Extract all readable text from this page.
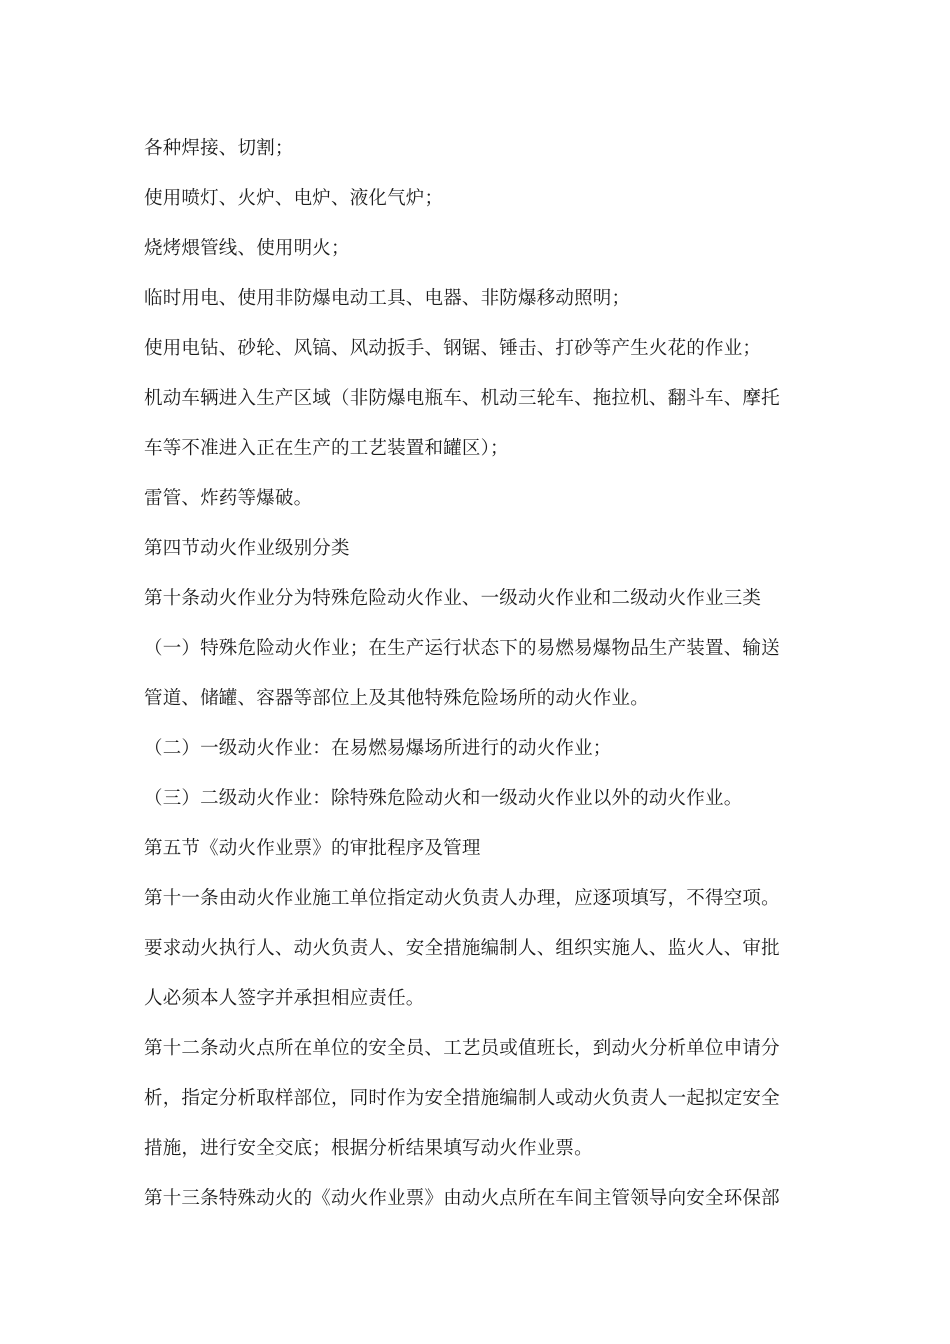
各种焊接、切割；
使用喷灯、火炉、电炉、液化气炉；
烧烤煨管线、使用明火；
临时用电、使用非防爆电动工具、电器、非防爆移动照明；
使用电钻、砂轮、风镐、风动扳手、钢锯、锤击、打砂等产生火花的作业；
机动车辆进入生产区域（非防爆电瓶车、机动三轮车、拖拉机、翻斗车、摩托
车等不准进入正在生产的工艺装置和罐区）；
雷管、炸药等爆破。
第四节动火作业级别分类
第十条动火作业分为特殊危险动火作业、一级动火作业和二级动火作业三类
（一）特殊危险动火作业；在生产运行状态下的易燃易爆物品生产装置、输送
管道、储罐、容器等部位上及其他特殊危险场所的动火作业。
（二）一级动火作业：在易燃易爆场所进行的动火作业；
（三）二级动火作业：除特殊危险动火和一级动火作业以外的动火作业。
第五节《动火作业票》的审批程序及管理
第十一条由动火作业施工单位指定动火负责人办理，应逐项填写，不得空项。
要求动火执行人、动火负责人、安全措施编制人、组织实施人、监火人、审批
人必须本人签字并承担相应责任。
第十二条动火点所在单位的安全员、工艺员或值班长，到动火分析单位申请分
析，指定分析取样部位，同时作为安全措施编制人或动火负责人一起拟定安全
措施，进行安全交底；根据分析结果填写动火作业票。
第十三条特殊动火的《动火作业票》由动火点所在车间主管领导向安全环保部
